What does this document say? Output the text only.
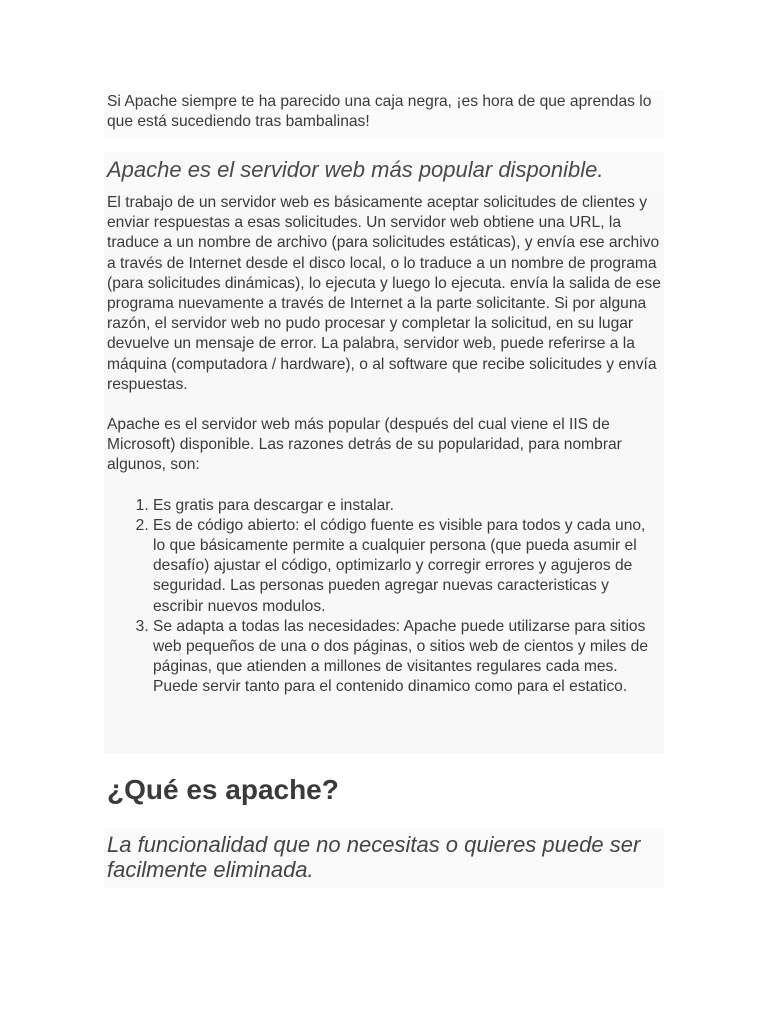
Si Apache siempre te ha parecido una caja negra, ¡es hora de que aprendas lo que está sucediendo tras bambalinas!
Apache es el servidor web más popular disponible.

El trabajo de un servidor web es básicamente aceptar solicitudes de clientes y enviar respuestas a esas solicitudes. Un servidor web obtiene una URL, la traduce a un nombre de archivo (para solicitudes estáticas), y envía ese archivo a través de Internet desde el disco local, o lo traduce a un nombre de programa (para solicitudes dinámicas), lo ejecuta y luego lo ejecuta. envía la salida de ese programa nuevamente a través de Internet a la parte solicitante. Si por alguna razón, el servidor web no pudo procesar y completar la solicitud, en su lugar devuelve un mensaje de error. La palabra, servidor web, puede referirse a la máquina (computadora / hardware), o al software que recibe solicitudes y envía respuestas.

Apache es el servidor web más popular (después del cual viene el IIS de Microsoft) disponible. Las razones detrás de su popularidad, para nombrar algunos, son:

1. Es gratis para descargar e instalar.
2. Es de código abierto: el código fuente es visible para todos y cada uno, lo que básicamente permite a cualquier persona (que pueda asumir el desafío) ajustar el código, optimizarlo y corregir errores y agujeros de seguridad. Las personas pueden agregar nuevas caracteristicas y escribir nuevos modulos.
3. Se adapta a todas las necesidades: Apache puede utilizarse para sitios web pequeños de una o dos páginas, o sitios web de cientos y miles de páginas, que atienden a millones de visitantes regulares cada mes. Puede servir tanto para el contenido dinamico como para el estatico.
¿Qué es apache?
La funcionalidad que no necesitas o quieres puede ser facilmente eliminada.
